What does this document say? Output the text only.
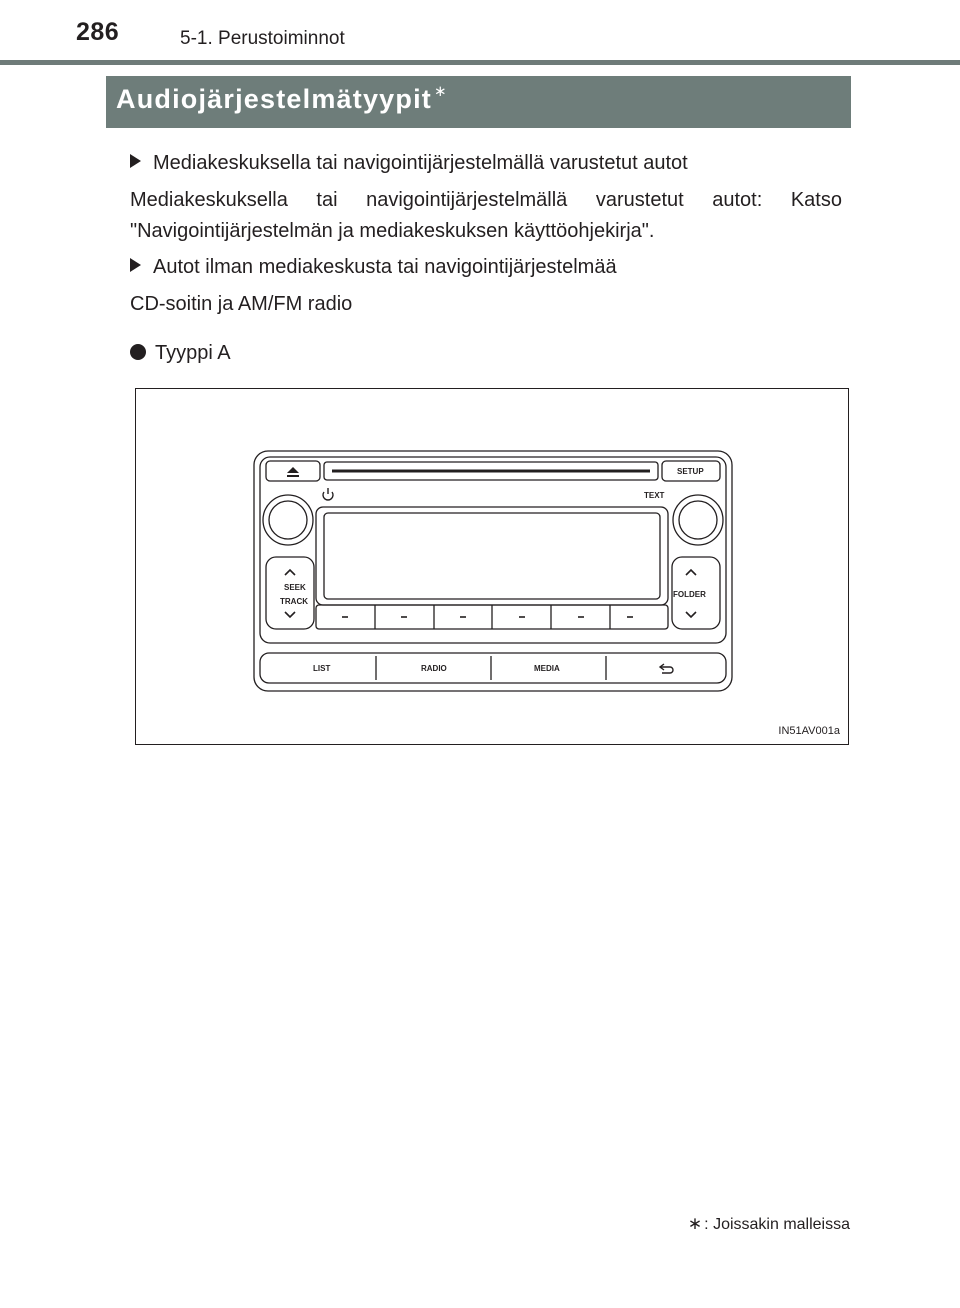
286	5-1. Perustoiminnot
Audiojärjestelmätyypit ∗
Mediakeskuksella tai navigointijärjestelmällä varustetut autot
Mediakeskuksella tai navigointijärjestelmällä varustetut autot: Katso
"Navigointijärjestelmän ja mediakeskuksen käyttöohjekirja".
Autot ilman mediakeskusta tai navigointijärjestelmää
CD-soitin ja AM/FM radio
Tyyppi A
SETUP
TEXT
SEEK
TRACK
FOLDER
LIST	RADIO	MEDIA
IN51AV001a
∗ : Joissakin malleissa
